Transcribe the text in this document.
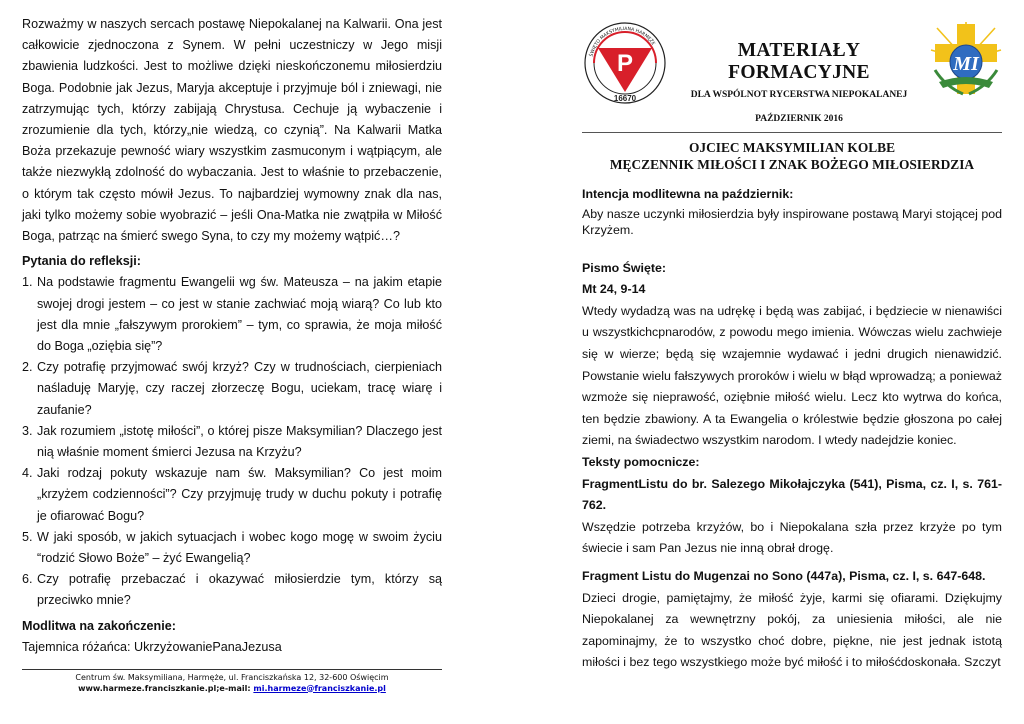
Rozważmy w naszych sercach postawę Niepokalanej na Kalwarii. Ona jest całkowicie zjednoczona z Synem. W pełni uczestniczy w Jego misji zbawienia ludzkości. Jest to możliwe dzięki nieskończonemu miłosierdziu Boga. Podobnie jak Jezus, Maryja akceptuje i przyjmuje ból i zniewagi, nie zatrzymując tych, którzy zabijają Chrystusa. Cechuje ją wybaczenie i zrozumienie dla tych, którzy„nie wiedzą, co czynią”. Na Kalwarii Matka Boża przekazuje pewność wiary wszystkim zasmuconym i wątpiącym, ale także niezwykłą zdolność do wybaczania. Jest to właśnie to przebaczenie, o którym tak często mówił Jezus. To najbardziej wymowny znak dla nas, jaki tylko możemy sobie wyobrazić – jeśli Ona-Matka nie zwątpiła w Miłość Boga, patrząc na śmierć swego Syna, to czy my możemy wątpić…?

Pytania do refleksji:

1. Na podstawie fragmentu Ewangelii wg św. Mateusza – na jakim etapie swojej drogi jestem – co jest w stanie zachwiać moją wiarą? Co lub kto jest dla mnie „fałszywym prorokiem” – tym, co sprawia, że moja miłość do Boga „oziębia się”?
2. Czy potrafię przyjmować swój krzyż? Czy w trudnościach, cierpieniach naśladuję Maryję, czy raczej złorzeczę Bogu, uciekam, tracę wiarę i zaufanie?
3. Jak rozumiem „istotę miłości”, o której pisze Maksymilian? Dlaczego jest nią właśnie moment śmierci Jezusa na Krzyżu?
4. Jaki rodzaj pokuty wskazuje nam św. Maksymilian? Co jest moim „krzyżem codzienności”? Czy przyjmuję trudy w duchu pokuty i potrafię je ofiarować Bogu?
5. W jaki sposób, w jakich sytuacjach i wobec kogo mogę w swoim życiu “rodzić Słowo Boże” – żyć Ewangelią?
6. Czy potrafię przebaczać i okazywać miłosierdzie tym, którzy są przeciwko mnie?

Modlitwa na zakończenie:

Tajemnica różańca: UkrzyżowaniePanaJezusa

Centrum św. Maksymiliana, Harmęże, ul. Franciszkańska 12, 32-600 Oświęcim
www.harmeze.franciszkanie.pl;e-mail: mi.harmeze@franciszkanie.pl
P
16670
ŚWIĘTO MAKSYMILIANA HARMĘŻE
MI
MATERIAŁY FORMACYJNE
DLA WSPÓLNOT RYCERSTWA NIEPOKALANEJ
PAŹDZIERNIK 2016
OJCIEC MAKSYMILIAN KOLBE
MĘCZENNIK MIŁOŚCI I ZNAK BOŻEGO MIŁOSIERDZIA

Intencja modlitewna na październik:

Aby nasze uczynki miłosierdzia były inspirowane postawą Maryi stojącej pod Krzyżem.

Pismo Święte:

Mt 24, 9-14

Wtedy wydadzą was na udrękę i będą was zabijać, i będziecie w nienawiści u wszystkichcpnarodów, z powodu mego imienia. Wówczas wielu zachwieje się w wierze; będą się wzajemnie wydawać i jedni drugich nienawidzić. Powstanie wielu fałszywych proroków i wielu w błąd wprowadzą; a ponieważ wzmoże się nieprawość, oziębnie miłość wielu. Lecz kto wytrwa do końca, ten będzie zbawiony. A ta Ewangelia o królestwie będzie głoszona po całej ziemi, na świadectwo wszystkim narodom. I wtedy nadejdzie koniec.

Teksty pomocnicze:

FragmentListu do br. Salezego Mikołajczyka (541), Pisma, cz. I, s. 761-762.

Wszędzie potrzeba krzyżów, bo i Niepokalana szła przez krzyże po tym świecie i sam Pan Jezus nie inną obrał drogę.

Fragment Listu do Mugenzai no Sono (447a), Pisma, cz. I, s. 647-648.

Dzieci drogie, pamiętajmy, że miłość żyje, karmi się ofiarami. Dziękujmy Niepokalanej za wewnętrzny pokój, za uniesienia miłości, ale nie zapominajmy, że to wszystko choć dobre, piękne, nie jest jednak istotą miłości i bez tego wszystkiego może być miłość i to miłośćdoskonała. Szczyt
